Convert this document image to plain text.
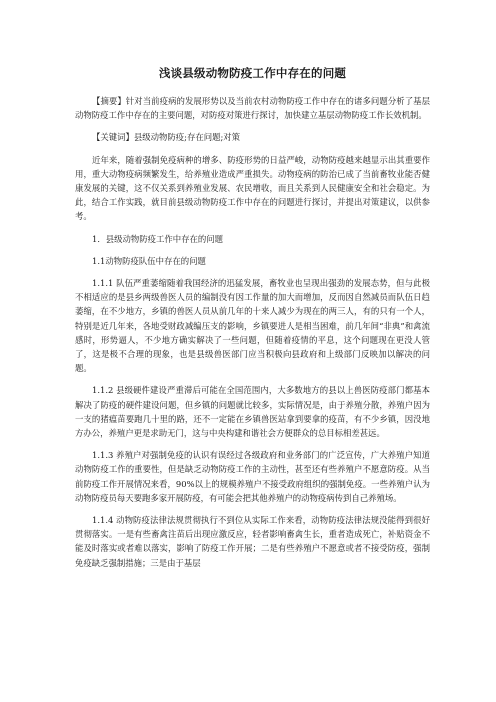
浅谈县级动物防疫工作中存在的问题

【摘要】针对当前疫病的发展形势以及当前农村动物防疫工作中存在的诸多问题分析了基层动物防疫工作中存在的主要问题，对防疫对策进行探讨，加快建立基层动物防疫工作长效机制。

【关键词】县级动物防疫;存在问题;对策

近年来，随着强制免疫病种的增多、防疫形势的日益严峻，动物防疫越来越显示出其重要作用，重大动物疫病频繁发生，给养殖业造成严重损失。动物疫病的防治已成了当前畜牧业能否健康发展的关键，这不仅关系到养殖业发展、农民增收，而且关系到人民健康安全和社会稳定。为此，结合工作实践，就目前县级动物防疫工作中存在的问题进行探讨，并提出对策建议，以供参考。

1．县级动物防疫工作中存在的问题

1.1动物防疫队伍中存在的问题

1.1.1 队伍严重萎缩随着我国经济的迅猛发展，畜牧业也呈现出强劲的发展态势，但与此极不相适应的是县乡两级兽医人员的编制没有因工作量的加大而增加，反而因自然减员而队伍日趋萎缩，在不少地方，乡镇的兽医人员从前几年的十来人减少为现在的两三人，有的只有一个人，特别是近几年来，各地受财政减编压支的影响，乡镇要进人是相当困难，前几年间“非典”和禽流感时，形势逼人，不少地方确实解决了一些问题，但随着疫情的平息，这个问题现在更没人管了，这是极不合理的现象，也是县级兽医部门应当积极向县政府和上级部门反映加以解决的问题。

1.1.2 县级硬件建设严重滞后可能在全国范围内，大多数地方的县以上兽医防疫部门都基本解决了防疫的硬件建设问题，但乡镇的问题就比较多，实际情况是，由于养殖分散，养殖户因为一支的猪瘟苗要跑几十里的路，还不一定能在乡镇兽医站拿到要拿的疫苗，有不少乡镇，因没地方办公，养殖户更是求助无门，这与中央构建和谐社会方便群众的总目标相差甚远。

1.1.3 养殖户对强制免疫的认识有误经过各级政府和业务部门的广泛宣传，广大养殖户知道动物防疫工作的重要性，但是缺乏动物防疫工作的主动性，甚至还有些养殖户不愿意防疫。从当前防疫工作开展情况来看，90%以上的规模养殖户不接受政府组织的强制免疫。一些养殖户认为动物防疫员每天要跑多家开展防疫，有可能会把其他养殖户的动物疫病传到自己养殖场。

1.1.4 动物防疫法律法规贯彻执行不到位从实际工作来看，动物防疫法律法规没能得到很好贯彻落实。一是有些畜禽注苗后出现应激反应，轻者影响畜禽生长，重者造成死亡，补贴资金不能及时落实或者难以落实，影响了防疫工作开展；二是有些养殖户不愿意或者不接受防疫，强制免疫缺乏强制措施；三是由于基层
